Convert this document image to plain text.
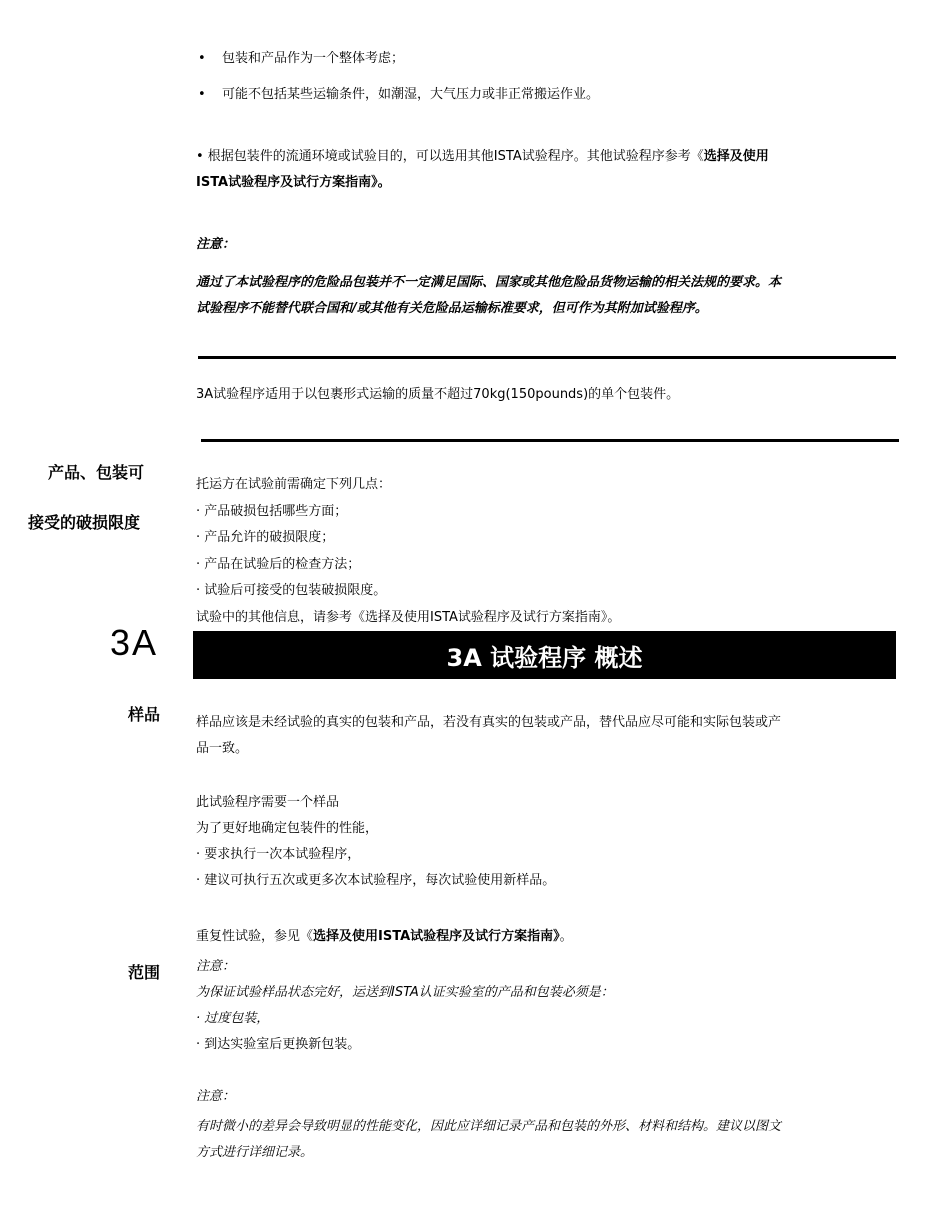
• 包装和产品作为一个整体考虑；
• 可能不包括某些运输条件，如潮湿，大气压力或非正常搬运作业。
• 根据包装件的流通环境或试验目的，可以选用其他ISTA试验程序。其他试验程序参考《选择及使用
ISTA试验程序及试行方案指南》。
注意：
通过了本试验程序的危险品包装并不一定满足国际、国家或其他危险品货物运输的相关法规的要求。本
试验程序不能替代联合国和/或其他有关危险品运输标准要求，但可作为其附加试验程序。
3A试验程序适用于以包裹形式运输的质量不超过70kg(150pounds)的单个包装件。
产品、包装可
接受的破损限度
托运方在试验前需确定下列几点：
· 产品破损包括哪些方面；
· 产品允许的破损限度；
· 产品在试验后的检查方法；
· 试验后可接受的包装破损限度。
试验中的其他信息，请参考《选择及使用ISTA试验程序及试行方案指南》。
3A	3A 试验程序 概述
样品	样品应该是未经试验的真实的包装和产品，若没有真实的包装或产品，替代品应尽可能和实际包装或产
品一致。
此试验程序需要一个样品
为了更好地确定包装件的性能，
· 要求执行一次本试验程序，
· 建议可执行五次或更多次本试验程序，每次试验使用新样品。
重复性试验，参见《选择及使用ISTA试验程序及试行方案指南》。
范围	注意：
为保证试验样品状态完好，运送到ISTA认证实验室的产品和包装必须是：
· 过度包装，
· 到达实验室后更换新包装。
注意：
有时微小的差异会导致明显的性能变化，因此应详细记录产品和包装的外形、材料和结构。建议以图文
方式进行详细记录。
